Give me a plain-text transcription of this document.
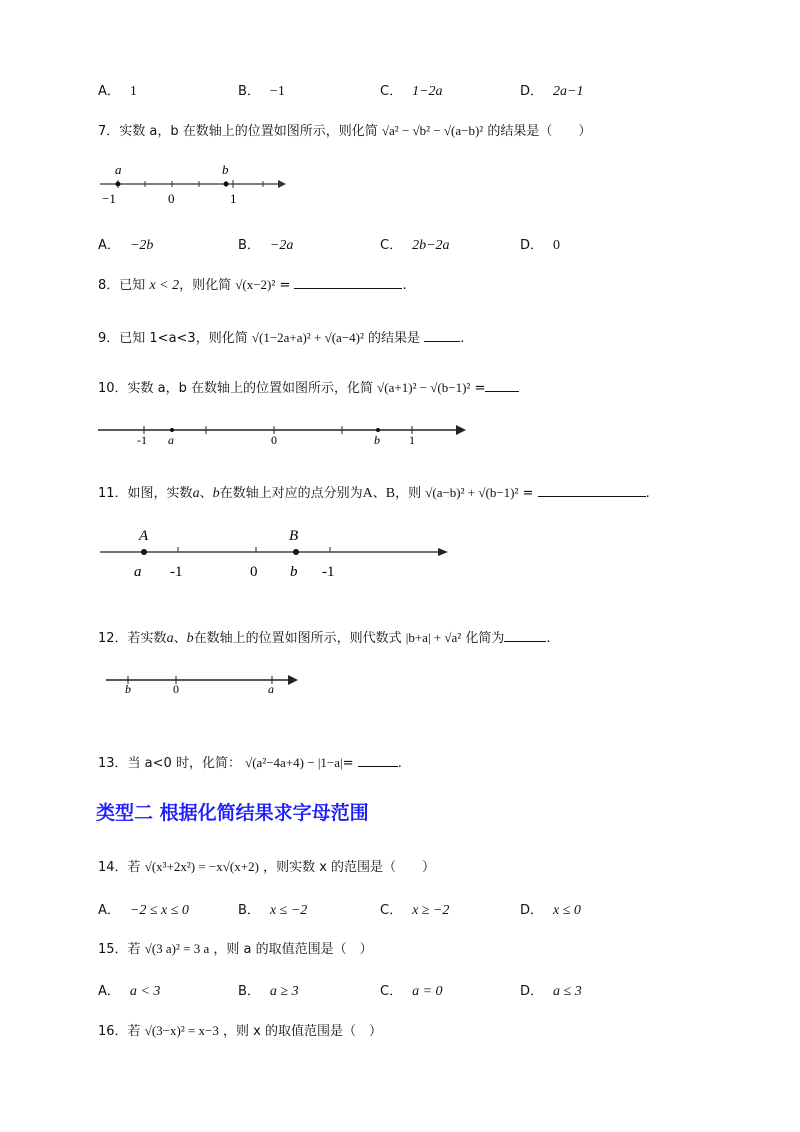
A． 1	B． −1	C． 1−2a	D． 2a−1
7．实数 a，b 在数轴上的位置如图所示，则化简 √a² − √b² − √(a−b)² 的结果是（　　）
a	b
−1	0	1
A． −2b	B． −2a	C． 2b−2a	D． 0
8．已知 x < 2，则化简 √(x−2)² =	.
9．已知 1<a<3，则化简 √(1−2a+a)² + √(a−4)² 的结果是	.
10．实数 a，b 在数轴上的位置如图所示，化简 √(a+1)² − √(b−1)² =
-1 a	0	b 1
11．如图，实数a、b在数轴上对应的点分别为A、B，则 √(a−b)² + √(b−1)² =	.
A	B
a -1	0 b -1
12．若实数a、b在数轴上的位置如图所示，则代数式 |b+a| + √a² 化简为	.
b	0	a
13．当 a<0 时，化简： √(a²−4a+4) − |1−a|=	.
类型二 根据化简结果求字母范围
14．若 √(x³+2x²) = −x√(x+2) ，则实数 x 的范围是（　　）
A． −2 ≤ x ≤ 0	B． x ≤ −2	C． x ≥ −2	D． x ≤ 0
15．若 √(3 a)² = 3 a ，则 a 的取值范围是（　）
A． a < 3	B． a ≥ 3	C． a = 0	D． a ≤ 3
16．若 √(3−x)² = x−3 ，则 x 的取值范围是（　）
